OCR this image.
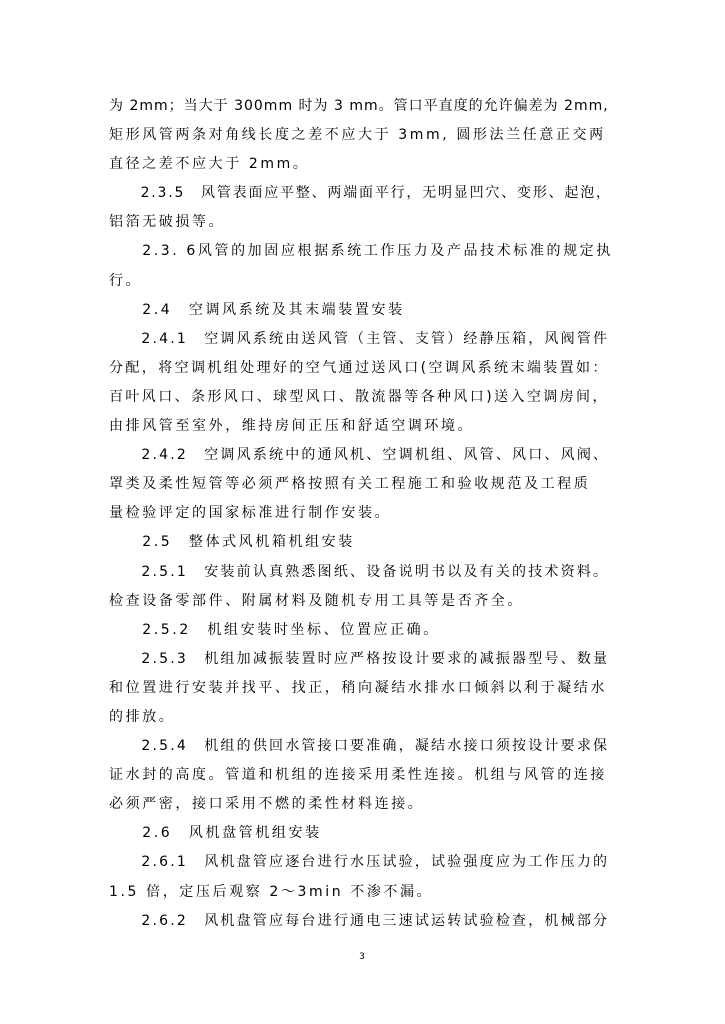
为 2mm；当大于 300mm 时为 3 mm。管口平直度的允许偏差为 2mm,
矩形风管两条对角线长度之差不应大于 3mm, 圆形法兰任意正交两
直径之差不应大于 2mm。
　　2.3.5　风管表面应平整、两端面平行，无明显凹穴、变形、起泡，
铝箔无破损等。
　　2.3. 6风管的加固应根据系统工作压力及产品技术标准的规定执
行。
　　2.4　空调风系统及其末端装置安装
　　2.4.1　空调风系统由送风管（主管、支管）经静压箱，风阀管件
分配，将空调机组处理好的空气通过送风口(空调风系统末端装置如：
百叶风口、条形风口、球型风口、散流器等各种风口)送入空调房间，
由排风管至室外，维持房间正压和舒适空调环境。
　　2.4.2　空调风系统中的通风机、空调机组、风管、风口、风阀、
罩类及柔性短管等必须严格按照有关工程施工和验收规范及工程质
量检验评定的国家标准进行制作安装。
　　2.5　整体式风机箱机组安装
　　2.5.1　安装前认真熟悉图纸、设备说明书以及有关的技术资料。
检查设备零部件、附属材料及随机专用工具等是否齐全。
　　2.5.2　机组安装时坐标、位置应正确。
　　2.5.3　机组加减振装置时应严格按设计要求的减振器型号、数量
和位置进行安装并找平、找正，稍向凝结水排水口倾斜以利于凝结水
的排放。
　　2.5.4　机组的供回水管接口要准确，凝结水接口须按设计要求保
证水封的高度。管道和机组的连接采用柔性连接。机组与风管的连接
必须严密，接口采用不燃的柔性材料连接。
　　2.6　风机盘管机组安装
　　2.6.1　风机盘管应逐台进行水压试验，试验强度应为工作压力的
1.5 倍，定压后观察 2～3min 不渗不漏。
　　2.6.2　风机盘管应每台进行通电三速试运转试验检查，机械部分
3
